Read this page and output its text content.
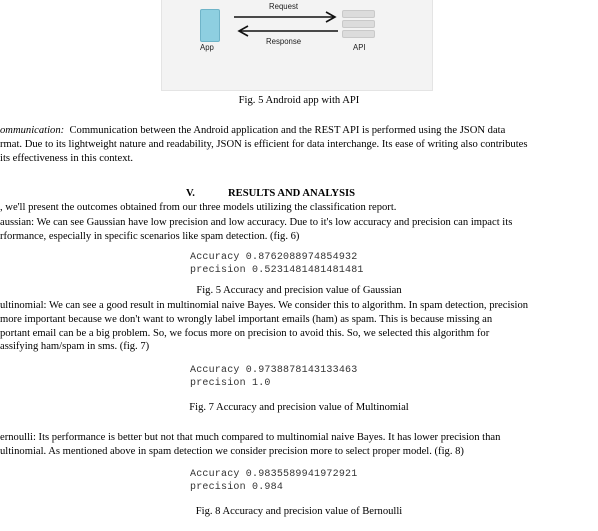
App
Request
Response
API
Fig. 5 Android app with API

ommunication: Communication between the Android application and the REST API is performed using the JSON data

rmat. Due to its lightweight nature and readability, JSON is efficient for data interchange. Its ease of writing also contributes

its effectiveness in this context.

V.	RESULTS AND ANALYSIS
, we'll present the outcomes obtained from our three models utilizing the classification report.

aussian: We can see Gaussian have low precision and low accuracy. Due to it's low accuracy and precision can impact its

rformance, especially in specific scenarios like spam detection. (fig. 6)

Accuracy 0.8762088974854932
precision 0.5231481481481481
Fig. 5 Accuracy and precision value of Gaussian

ultinomial: We can see a good result in multinomial naive Bayes. We consider this to algorithm. In spam detection, precision

more important because we don't want to wrongly label important emails (ham) as spam. This is because missing an

portant email can be a big problem. So, we focus more on precision to avoid this. So, we selected this algorithm for

assifying ham/spam in sms. (fig. 7)

Accuracy 0.9738878143133463
precision 1.0
Fig. 7 Accuracy and precision value of Multinomial

ernoulli: Its performance is better but not that much compared to multinomial naive Bayes. It has lower precision than

ultinomial. As mentioned above in spam detection we consider precision more to select proper model. (fig. 8)

Accuracy 0.9835589941972921
precision 0.984
Fig. 8 Accuracy and precision value of Bernoulli
